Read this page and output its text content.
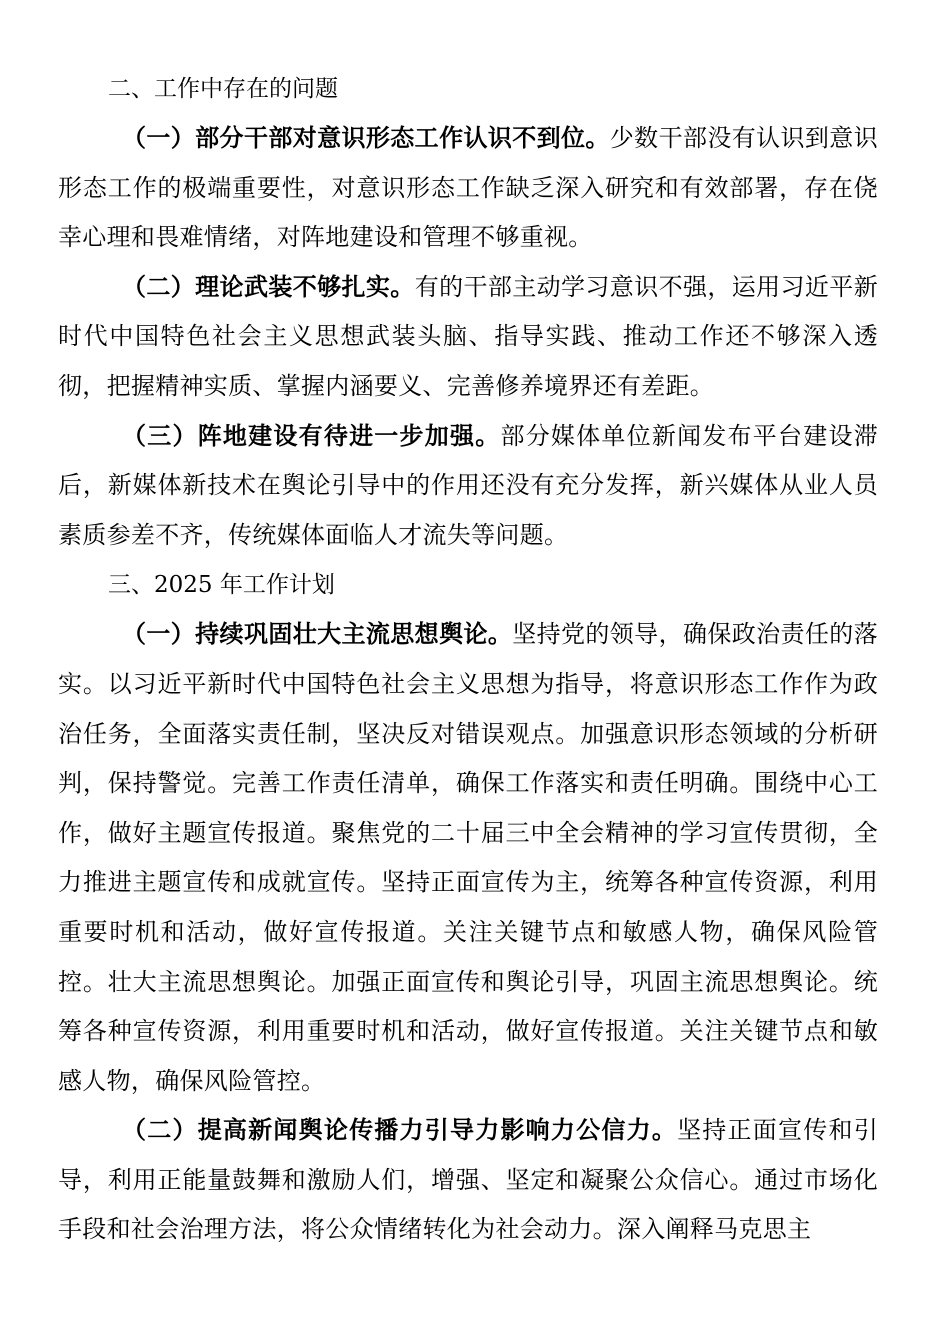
二、工作中存在的问题

（一）部分干部对意识形态工作认识不到位。少数干部没有认识到意识形态工作的极端重要性，对意识形态工作缺乏深入研究和有效部署，存在侥幸心理和畏难情绪，对阵地建设和管理不够重视。

（二）理论武装不够扎实。有的干部主动学习意识不强，运用习近平新时代中国特色社会主义思想武装头脑、指导实践、推动工作还不够深入透彻，把握精神实质、掌握内涵要义、完善修养境界还有差距。

（三）阵地建设有待进一步加强。部分媒体单位新闻发布平台建设滞后，新媒体新技术在舆论引导中的作用还没有充分发挥，新兴媒体从业人员素质参差不齐，传统媒体面临人才流失等问题。

三、2025 年工作计划

（一）持续巩固壮大主流思想舆论。坚持党的领导，确保政治责任的落实。以习近平新时代中国特色社会主义思想为指导，将意识形态工作作为政治任务，全面落实责任制，坚决反对错误观点。加强意识形态领域的分析研判，保持警觉。完善工作责任清单，确保工作落实和责任明确。围绕中心工作，做好主题宣传报道。聚焦党的二十届三中全会精神的学习宣传贯彻，全力推进主题宣传和成就宣传。坚持正面宣传为主，统筹各种宣传资源，利用重要时机和活动，做好宣传报道。关注关键节点和敏感人物，确保风险管控。壮大主流思想舆论。加强正面宣传和舆论引导，巩固主流思想舆论。统筹各种宣传资源，利用重要时机和活动，做好宣传报道。关注关键节点和敏感人物，确保风险管控。

（二）提高新闻舆论传播力引导力影响力公信力。坚持正面宣传和引导，利用正能量鼓舞和激励人们，增强、坚定和凝聚公众信心。通过市场化手段和社会治理方法，将公众情绪转化为社会动力。深入阐释马克思主
